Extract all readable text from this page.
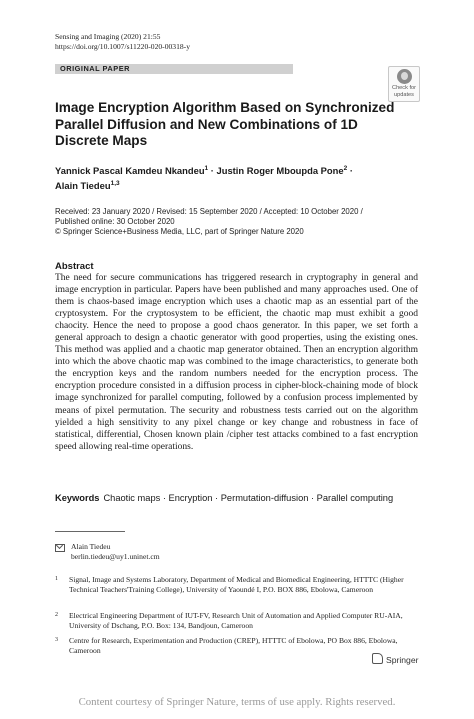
Sensing and Imaging (2020) 21:55
https://doi.org/10.1007/s11220-020-00318-y
ORIGINAL PAPER
Check for
updates
Image Encryption Algorithm Based on Synchronized Parallel Diffusion and New Combinations of 1D Discrete Maps
Yannick Pascal Kamdeu Nkandeu$^1$ · Justin Roger Mboupda Pone$^2$ ·
Alain Tiedeu$^{1,3}$
Received: 23 January 2020 / Revised: 15 September 2020 / Accepted: 10 October 2020 /
Published online: 30 October 2020
© Springer Science+Business Media, LLC, part of Springer Nature 2020
Abstract
The need for secure communications has triggered research in cryptography in general and image encryption in particular. Papers have been published and many approaches used. One of them is chaos-based image encryption which uses a chaotic map as an essential part of the cryptosystem. For the cryptosystem to be efficient, the chaotic map must exhibit a good chaocity. Hence the need to propose a good chaos generator. In this paper, we set forth a general approach to design a chaotic generator with good properties, using the existing ones. This method was applied and a chaotic map generator obtained. Then an encryption algorithm into which the above chaotic map was combined to the image characteristics, to generate both the encryption keys and the random numbers needed for the encryption process. The encryption procedure consisted in a diffusion process in cipher-block-chaining mode of block image synchronized for parallel computing, followed by a confusion process implemented by means of pixel permutation. The security and robustness tests carried out on the algorithm yielded a high sensitivity to any pixel change or key change and robustness in face of statistical, differential, Chosen known plain /cipher test attacks combined to a fast encryption speed allowing real-time operations.
Keywords Chaotic maps · Encryption · Permutation-diffusion · Parallel computing
Alain Tiedeu
berlin.tiedeu@uy1.uninet.cm
1 Signal, Image and Systems Laboratory, Department of Medical and Biomedical Engineering, HTTTC (Higher Technical Teachers'Training College), University of Yaoundé I, P.O. BOX 886, Ebolowa, Cameroon
2 Electrical Engineering Department of IUT-FV, Research Unit of Automation and Applied Computer RU-AIA, University of Dschang, P.O. Box: 134, Bandjoun, Cameroon
3 Centre for Research, Experimentation and Production (CREP), HTTTC of Ebolowa, PO Box 886, Ebolowa, Cameroon
Springer
Content courtesy of Springer Nature, terms of use apply. Rights reserved.
